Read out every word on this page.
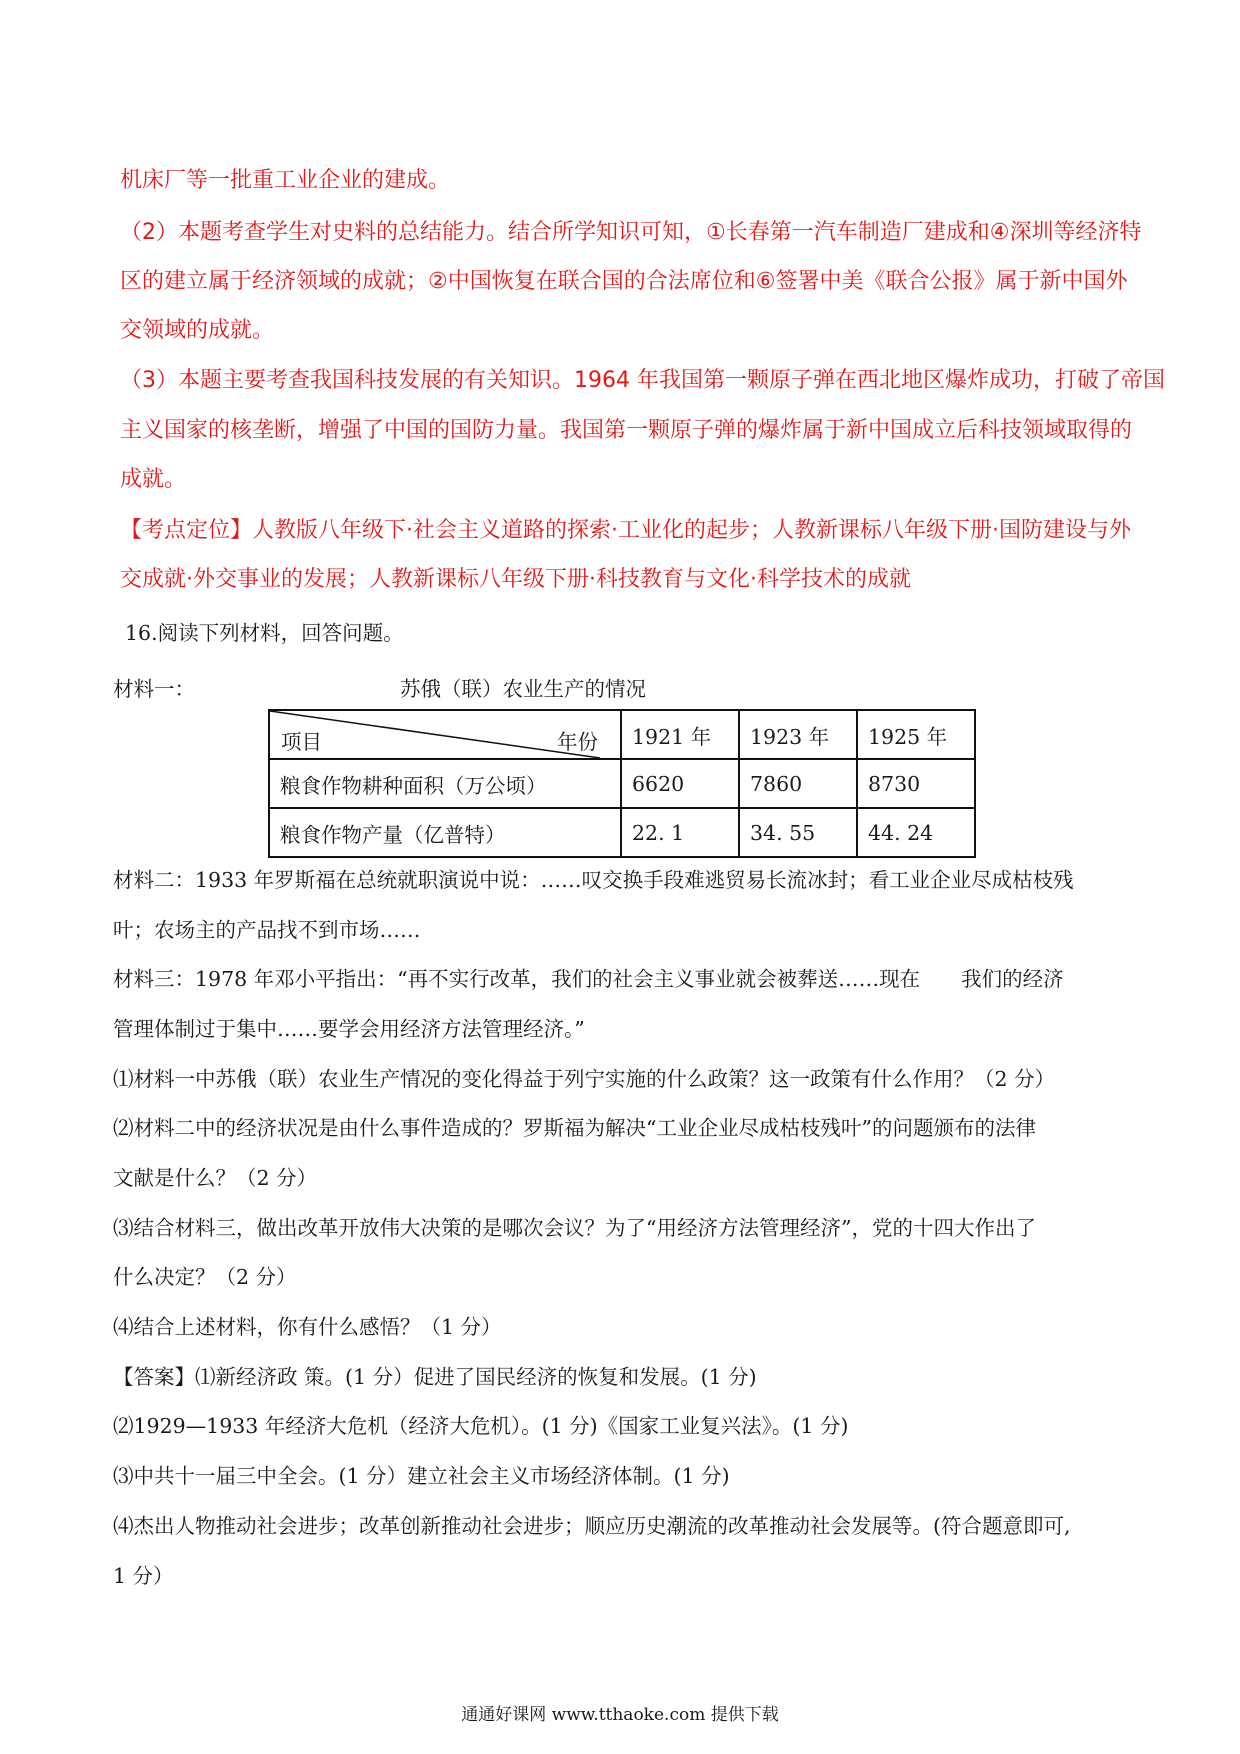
机床厂等一批重工业企业的建成。
（2）本题考查学生对史料的总结能力。结合所学知识可知，①长春第一汽车制造厂建成和④深圳等经济特
区的建立属于经济领域的成就；②中国恢复在联合国的合法席位和⑥签署中美《联合公报》属于新中国外
交领域的成就。
（3）本题主要考查我国科技发展的有关知识。1964 年我国第一颗原子弹在西北地区爆炸成功，打破了帝国
主义国家的核垄断，增强了中国的国防力量。我国第一颗原子弹的爆炸属于新中国成立后科技领域取得的
成就。
【考点定位】人教版八年级下·社会主义道路的探索·工业化的起步；人教新课标八年级下册·国防建设与外
交成就·外交事业的发展；人教新课标八年级下册·科技教育与文化·科学技术的成就
16.阅读下列材料，回答问题。
材料一：	苏俄（联）农业生产的情况
项目 年份	1921 年	1923 年	1925 年
粮食作物耕种面积（万公顷）	6620	7860	8730
粮食作物产量（亿普特）	22. 1	34. 55	44. 24
材料二：1933 年罗斯福在总统就职演说中说：……叹交换手段难逃贸易长流冰封；看工业企业尽成枯枝残
叶；农场主的产品找不到市场……
材料三：1978 年邓小平指出：“再不实行改革，我们的社会主义事业就会被葬送……现在　　我们的经济
管理体制过于集中……要学会用经济方法管理经济。”
⑴材料一中苏俄（联）农业生产情况的变化得益于列宁实施的什么政策？这一政策有什么作用？（2 分）
⑵材料二中的经济状况是由什么事件造成的？罗斯福为解决“工业企业尽成枯枝残叶”的问题颁布的法律
文献是什么？（2 分）
⑶结合材料三，做出改革开放伟大决策的是哪次会议？为了“用经济方法管理经济”，党的十四大作出了
什么决定？（2 分）
⑷结合上述材料，你有什么感悟？（1 分）
【答案】⑴新经济政 策。(1 分）促进了国民经济的恢复和发展。(1 分)
⑵1929—1933 年经济大危机（经济大危机）。(1 分)《国家工业复兴法》。(1 分)
⑶中共十一届三中全会。(1 分）建立社会主义市场经济体制。(1 分)
⑷杰出人物推动社会进步；改革创新推动社会进步；顺应历史潮流的改革推动社会发展等。(符合题意即可,
1 分）
通通好课网 www.tthaoke.com 提供下载
